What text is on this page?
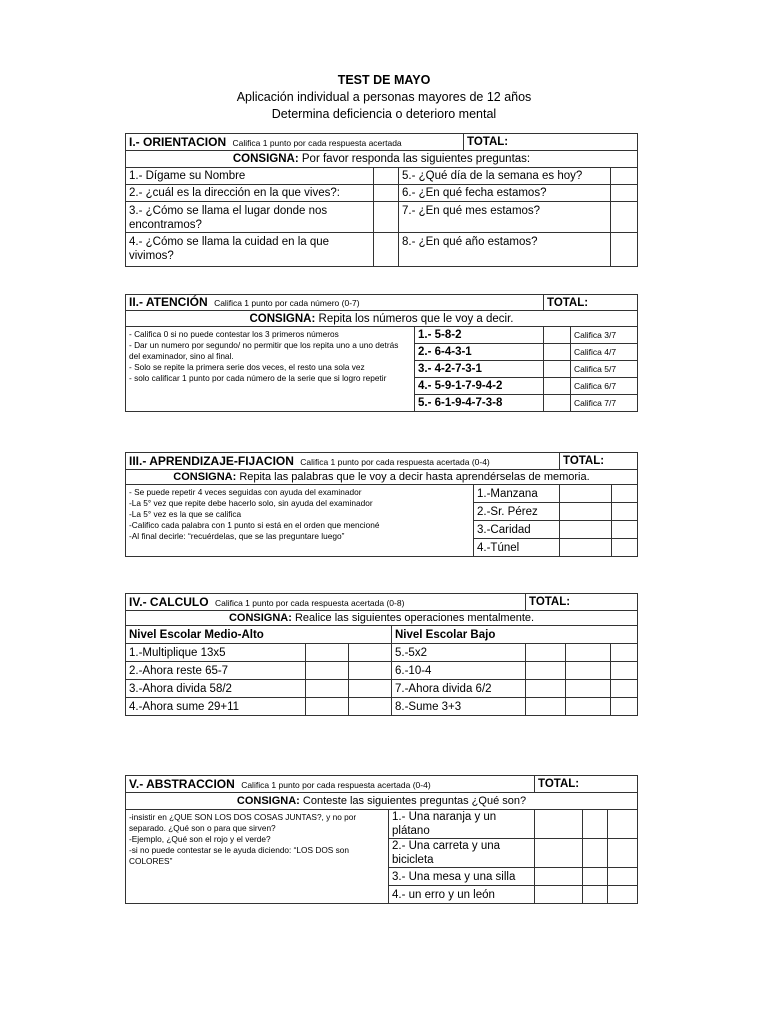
TEST DE MAYO
Aplicación individual a personas mayores de 12 años
Determina deficiencia o deterioro mental
I.- ORIENTACION Califica 1 punto por cada respuesta acertada			TOTAL:	
CONSIGNA: Por favor responda las siguientes preguntas:				
1.- Dígame su Nombre		5.- ¿Qué día de la semana es hoy?		
2.- ¿cuál es la dirección en la que vives?:		6.- ¿En qué fecha estamos?		
3.- ¿Cómo se llama el lugar donde nos encontramos?		7.- ¿En qué mes estamos?		
4.- ¿Cómo se llama la cuidad en la que vivimos?		8.- ¿En qué año estamos?		
II.- ATENCIÓN Califica 1 punto por cada número (0-7)		TOTAL:	
CONSIGNA: Repita los números que le voy a decir.			

- Califica 0 si no puede contestar los 3 primeros números
- Dar un numero por segundo/ no permitir que los repita uno a uno detrás del examinador, sino al final.
- Solo se repite la primera serie dos veces, el resto una sola vez
- solo calificar 1 punto por cada número de la serie que si logro repetir	1.- 5-8-2		Califica 3/7
	2.- 6-4-3-1		Califica 4/7
	3.- 4-2-7-3-1		Califica 5/7
	4.- 5-9-1-7-9-4-2		Califica 6/7
	5.- 6-1-9-4-7-3-8		Califica 7/7
III.- APRENDIZAJE-FIJACION Califica 1 punto por cada respuesta acertada (0-4)		TOTAL:	
CONSIGNA: Repita las palabras que le voy a decir hasta aprendérselas de memoria.			

- Se puede repetir 4 veces seguidas con ayuda del examinador
-La 5° vez que repite debe hacerlo solo, sin ayuda del examinador
-La 5° vez es la que se califica
-Califico cada palabra con 1 punto si está en el orden que mencioné
-Al final decirle: “recuérdelas, que se las preguntare luego”	1.-Manzana		
	2.-Sr. Pérez		
	3.-Caridad		
	4.-Túnel		
IV.- CALCULO Califica 1 punto por cada respuesta acertada (0-8)				TOTAL:		
CONSIGNA: Realice las siguientes operaciones mentalmente.						
Nivel Escolar Medio-Alto			Nivel Escolar Bajo			
1.-Multiplique 13x5			5.-5x2			
2.-Ahora reste 65-7			6.-10-4			
3.-Ahora divida 58/2			7.-Ahora divida 6/2			
4.-Ahora sume 29+11			8.-Sume 3+3			
V.- ABSTRACCION Califica 1 punto por cada respuesta acertada (0-4)		TOTAL:		
CONSIGNA: Conteste las siguientes preguntas ¿Qué son?				

-insistir en ¿QUE SON LOS DOS COSAS JUNTAS?, y no por separado. ¿Qué son o para que sirven?
-Ejemplo, ¿Qué son el rojo y el verde?
-si no puede contestar se le ayuda diciendo: “LOS DOS son COLORES”	1.- Una naranja y un plátano			
	2.- Una carreta y una bicicleta			
	3.- Una mesa y una silla			
	4.- un erro y un león			
